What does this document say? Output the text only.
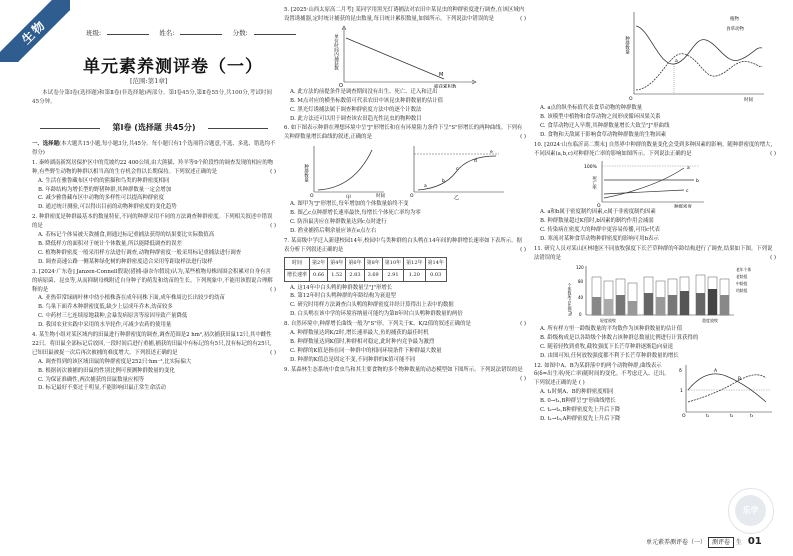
生物	班级:	姓名:	分数:
单元素养测评卷（一）
[范围:第1章]
本试卷分第Ⅰ卷(选择题)和第Ⅱ卷(非选择题)两部分。第Ⅰ卷45分,第Ⅱ卷55分,共100分,考试时间45分钟。
第Ⅰ卷 (选择题 共45分)
一、选择题(本大题共15小题,每小题3分,共45分。每小题只有1个选项符合题意,不选、多选、错选均不得分)
1. 秦岭湖南新窝居保护区中的荒坡约22 400公顷,由大熊猫、羚羊等9个阶段性的调查发现的相应的物种,有些野生动物的种群以相当高的生存机会得以长期保持。下列叙述正确的是	( )
A. 生活在雅鲁藏布区中的的熊猫和鸟类的种群密度相同
B. 年龄结构为增长型的野猪种群,其种群数量一定会增加
C. 减少雅鲁藏布区中动物的多样性可以提高种群密度
D. 通过统计测验,可以得出目前的动物种群密度的变化趋势
2. 种群密度是种群最基本的数量特征,不同的种群采用不同的方法调查种群密度。下列相关叙述中错误的是	( )
A. 若标记个体易被天敌捕食,则通过标记重捕法获得的结果要比实际数值高
B. 降低样方的面积对于统计个体数量,所以能降低调查的误差
C. 植物种群密度一般采用样方法进行调查,动物种群密度一般采用标记重捕法进行调查
D. 调查高速公路一侧某种绿化树的种群密度适合采用等距取样法进行取样
3. [2024·广东卷] Janzen-Connell假说(猎捕-康奈尔假说)认为,某些植物母株周围会积累对自身有害的病原菌、昆虫等,从而抑制母株附近自身种子的萌发和幼苗的生长。下列现象中,不能用该假说合理解释的是	( )
A. 亚热带常绿阔叶林中幼小植株落在成年同株下面,成年株周边长出较少的幼苗
B. 鸟巢下面乔木种群密度低,缺少上层成年乔木,幼苗较多
C. 中药材三七连续原地栽种,会暴发病原害等原因导致产量降低
D. 我国农业实践中采用的水旱轮作,可减少农药的使用量
4. 某生物小组对某区域内的田鼠进行种群密度的调查,调查范围是2 hm²,初次捕获田鼠12只,其中雌性22只。将田鼠全部标记后放回,一段时间后进行重捕,捕获的田鼠中有标记的有5只,没有标记的有25只,已知田鼠被捉一次后再次被捕的难度增大。下列叙述正确的是	( )
A. 调查得到的该区域田鼠的种群密度是252只·hm⁻²,比实际偏大
B. 根据初次被捕的田鼠的性别比例可预测种群数量的变化
C. 为保证准确性,两次捕获的田鼠数量应相等
D. 标记最好不要过于明显,不能影响田鼠正常生命活动
5. [2025·山西太原高二月考] 某同学用黑光灯诱捕法对农田中某昆虫的种群密度进行调查,在该区域内设置诱捕器,定时统计捕获的昆虫数量,每日统计累积数量,如图所示。下列说法中错误的是	( )
M
O	捕获累积数
单位时间内捕获数
A. 此方法的前提条件是调查期间没有出生、死亡、迁入和迁出
B. M点对应的横坐标数值可代表农田中该昆虫种群数量的估计值
C. 黑光灯诱捕法属于调查种群密度方法中的逐个计数法
D. 此方法还可以用于调查该农田趋光性昆虫的物种数目
6. 如下图表示种群在理想环境中呈"J"形增长和在有环境阻力条件下呈"S"形增长的两种曲线。下列有关种群数量增长曲线的叙述,正确的是	( )
O	甲
种群数量
时间	O	乙
a
b
c
d
e
A. 图甲为"J"形增长,每年增加的个体数量始终不变
B. 图乙c点种群增长速率最快,每增长个体死亡率均为零
C. 防治鼠害应在种群数量达到c点时进行
D. 渔业捕捞后剩余量应该在e点左右
7. 某高级中学迁入新建校园14年,校园中鸟类种群的白头鹎在14年间的种群增长速率如下表所示。据表分析下列叙述正确的是	( )
时间	第2年	第4年	第6年	第8年	第10年	第12年	第14年
增长速率	0.66	1.52	2.83	3.69	2.91	1.20	0.03
A. 这14年中白头鹎的种群数量呈"J"形增长
B. 第12年时白头鹎种群的年龄结构为衰退型
C. 研究时用样方法调查白头鹎的种群密度并经计算得出上表中的数据
D. 白头鹎在该中学的环境容纳量可能约为第8年时白头鹎种群数量的两倍
8. 自然环境中,种群增长曲线一般为"S"形。下列关于K、K/2值的叙述正确的是	( )
A. 种群数量达到K/2时,增长速率最大,鱼的捕获的最佳时机
B. 种群数量达到K值时,种群相对稳定,此时种内竞争最为激烈
C. 种群的K值是指在同一种群中的相同环境条件下种群最大数量
D. 种群的K值总是固定不变,不同种群的K值可能不同
9. 某森林生态系统中食虫鸟和其主要食物的多个物种数量的动态模型如下图所示。下列说法错误的是
( )
a
O	时间
种群数量
植物
食草动物
A. a点的纵坐标值代表食草动物的种群数量
B. 该模型中植物和食草动物之间形成循环因果关系
C. 食草动物迁入早期,其种群数量增长大致呈"J"形曲线
D. 食物和天敌属于影响食草动物种群数量的生物因素
10. [2024·山东临沂高二期末] 自然界中种群的数量变化会受到多种因素的影响。随种群密度的增大,不同因素(a,b,c)对种群死亡率的影响如图所示。下列说法正确的是	( )
a
b
c
100%
O	种群密度
死亡率
A. a和b属于密度制约因素,c属于非密度制约因素
B. 种群数量超过K值时,b因素的制约作用会减弱
C. 传染病在密度大的种群中更容易传播,可用c代表
D. 寒流对某种食草动物种群密度的影响可用b表示
11. 研究人员对某山区林地区不同放牧强度下长芒草种群的年龄结构进行了调查,结果如下图。下列说法错误的是	( )
个体数所占比例/% 0
40
80
120
轻度放牧	重度放牧
老年个体
老龄组
中龄组
幼龄组
A. 所有样方里一龄级数量的平均数作为该种群数量的估计值
B. 龄级构成是以各龄级个体数占该种群总数量比例进行计算获得的
C. 随着轻牧到重牧,截牧强度下长芒草种群逐渐趋向衰退
D. 由图可知,任何放牧强度都不利于长芒草种群数量的增长
12. 如图中A、B为某群落中的两个动物种群,曲线表示δ(δ=出生率/死亡率)随时间的变化。不考虑迁入、迁出。下列叙述正确的是 ( )
δ
1
O	t₁	t₂	t₃
A
B
A. t₁时刻A、B的种群密度相同
B. 0→t₁,B种群呈"J"形曲线增长
C. t₂→t₃,B种群密度先上升后下降
D. t₁→t₃,A种群密度先上升后下降
乐学
单元素养测评卷（一） 测评卷 生 01
